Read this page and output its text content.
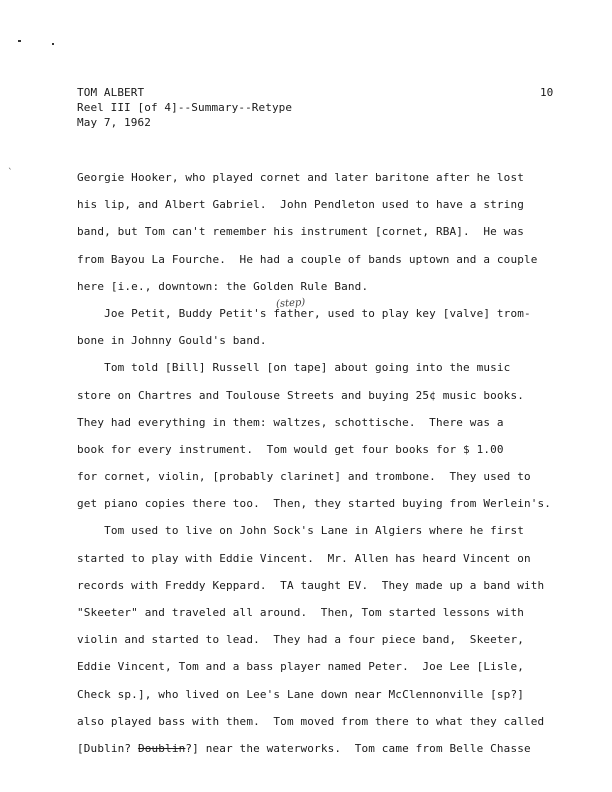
`
TOM ALBERT
Reel III [of 4]--Summary--Retype
May 7, 1962
10
(step)
Georgie Hooker, who played cornet and later baritone after he lost
his lip, and Albert Gabriel.  John Pendleton used to have a string
band, but Tom can't remember his instrument [cornet, RBA].  He was
from Bayou La Fourche.  He had a couple of bands uptown and a couple
here [i.e., downtown: the Golden Rule Band.
Joe Petit, Buddy Petit's father, used to play key [valve] trom-
bone in Johnny Gould's band.
Tom told [Bill] Russell [on tape] about going into the music
store on Chartres and Toulouse Streets and buying 25¢ music books.
They had everything in them: waltzes, schottische.  There was a
book for every instrument.  Tom would get four books for $ 1.00
for cornet, violin, [probably clarinet] and trombone.  They used to
get piano copies there too.  Then, they started buying from Werlein's.
Tom used to live on John Sock's Lane in Algiers where he first
started to play with Eddie Vincent.  Mr. Allen has heard Vincent on
records with Freddy Keppard.  TA taught EV.  They made up a band with
"Skeeter" and traveled all around.  Then, Tom started lessons with
violin and started to lead.  They had a four piece band,  Skeeter,
Eddie Vincent, Tom and a bass player named Peter.  Joe Lee [Lisle,
Check sp.], who lived on Lee's Lane down near McClennonville [sp?]
also played bass with them.  Tom moved from there to what they called
[Dublin? Doublin?] near the waterworks.  Tom came from Belle Chasse
